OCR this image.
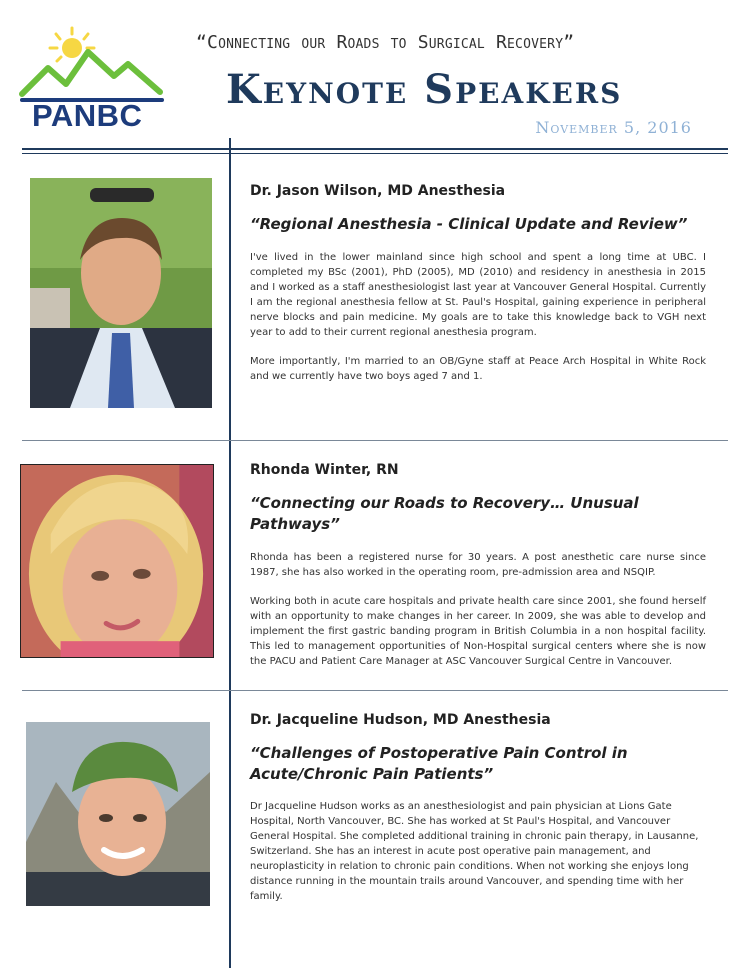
PANBC
“Connecting our Roads to Surgical Recovery”
Keynote Speakers
November 5, 2016
Dr. Jason Wilson, MD Anesthesia
“Regional Anesthesia - Clinical Update and Review”

I've lived in the lower mainland since high school and spent a long time at UBC. I completed my BSc (2001), PhD (2005), MD (2010) and residency in anesthesia in 2015 and I worked as a staff anesthesiologist last year at Vancouver General Hospital. Currently I am the regional anesthesia fellow at St. Paul's Hospital, gaining experience in peripheral nerve blocks and pain medicine. My goals are to take this knowledge back to VGH next year to add to their current regional anesthesia program.

More importantly, I'm married to an OB/Gyne staff at Peace Arch Hospital in White Rock and we currently have two boys aged 7 and 1.

Rhonda Winter, RN
“Connecting our Roads to Recovery… Unusual Pathways”

Rhonda has been a registered nurse for 30 years. A post anesthetic care nurse since 1987, she has also worked in the operating room, pre-admission area and NSQIP.

Working both in acute care hospitals and private health care since 2001, she found herself with an opportunity to make changes in her career. In 2009, she was able to develop and implement the first gastric banding program in British Columbia in a non hospital facility. This led to management opportunities of Non-Hospital surgical centers where she is now the PACU and Patient Care Manager at ASC Vancouver Surgical Centre in Vancouver.

Dr. Jacqueline Hudson, MD Anesthesia
“Challenges of Postoperative Pain Control in Acute/Chronic Pain Patients”

Dr Jacqueline Hudson works as an anesthesiologist and pain physician at Lions Gate Hospital, North Vancouver, BC. She has worked at St Paul's Hospital, and Vancouver General Hospital. She completed additional training in chronic pain therapy, in Lausanne, Switzerland. She has an interest in acute post operative pain management, and neuroplasticity in relation to chronic pain conditions. When not working she enjoys long distance running in the mountain trails around Vancouver, and spending time with her family.
